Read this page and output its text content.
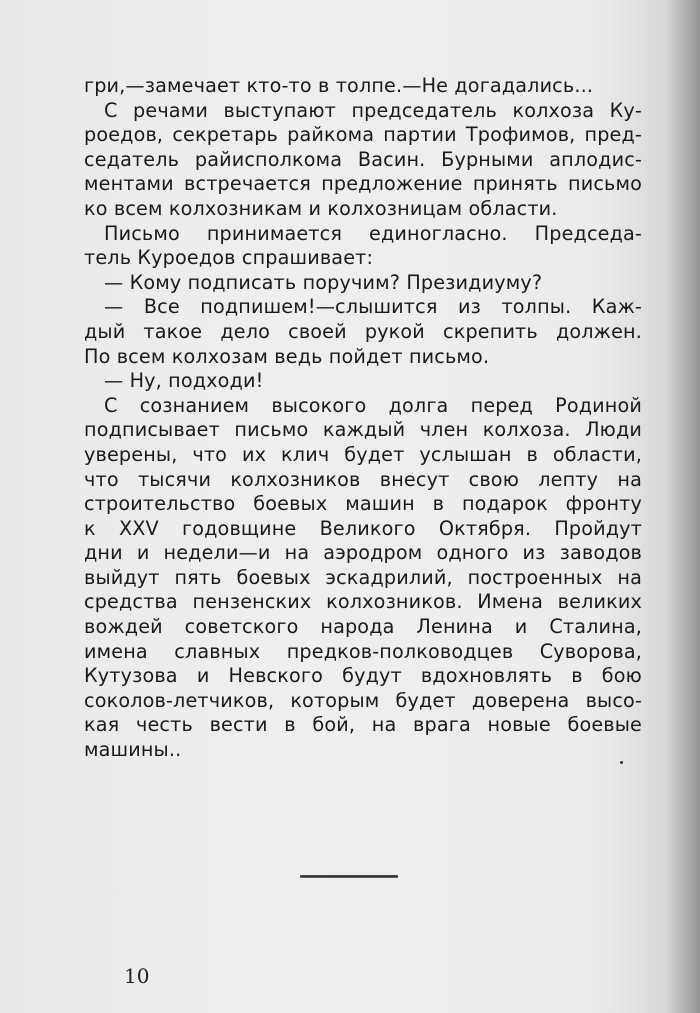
гри,—замечает кто-то в толпе.—Не догадались...
С речами выступают председатель колхоза Ку-
роедов, секретарь райкома партии Трофимов, пред-
седатель райисполкома Васин. Бурными аплодис-
ментами встречается предложение принять письмо
ко всем колхозникам и колхозницам области.
Письмо принимается единогласно. Председа-
тель Куроедов спрашивает:
— Кому подписать поручим? Президиуму?
— Все подпишем!—слышится из толпы. Каж-
дый такое дело своей рукой скрепить должен.
По всем колхозам ведь пойдет письмо.
— Ну, подходи!
С сознанием высокого долга перед Родиной
подписывает письмо каждый член колхоза. Люди
уверены, что их клич будет услышан в области,
что тысячи колхозников внесут свою лепту на
строительство боевых машин в подарок фронту
к XXV годовщине Великого Октября. Пройдут
дни и недели—и на аэродром одного из заводов
выйдут пять боевых эскадрилий, построенных на
средства пензенских колхозников. Имена великих
вождей советского народа Ленина и Сталина,
имена славных предков-полководцев Суворова,
Кутузова и Невского будут вдохновлять в бою
соколов-летчиков, которым будет доверена высо-
кая честь вести в бой, на врага новые боевые
машины..
10
